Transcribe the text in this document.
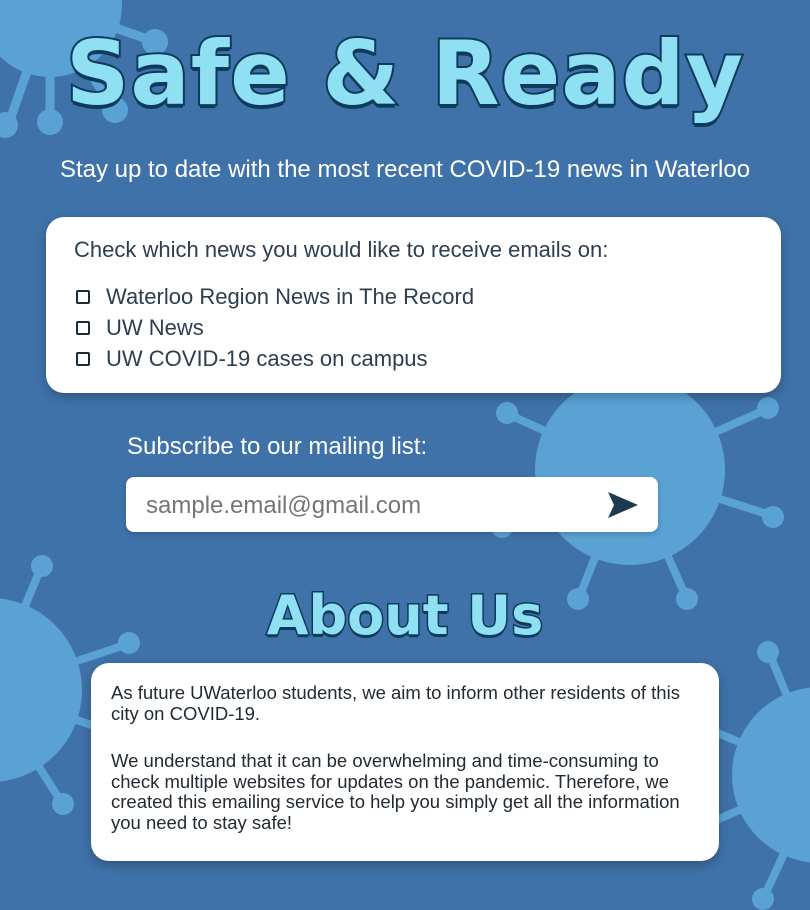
Safe & Ready
Stay up to date with the most recent COVID-19 news in Waterloo
Check which news you would like to receive emails on:
Waterloo Region News in The Record
UW News
UW COVID-19 cases on campus
Subscribe to our mailing list:
sample.email@gmail.com
About Us

As future UWaterloo students, we aim to inform other residents of this city on COVID-19.

We understand that it can be overwhelming and time-consuming to check multiple websites for updates on the pandemic. Therefore, we created this emailing service to help you simply get all the information you need to stay safe!
